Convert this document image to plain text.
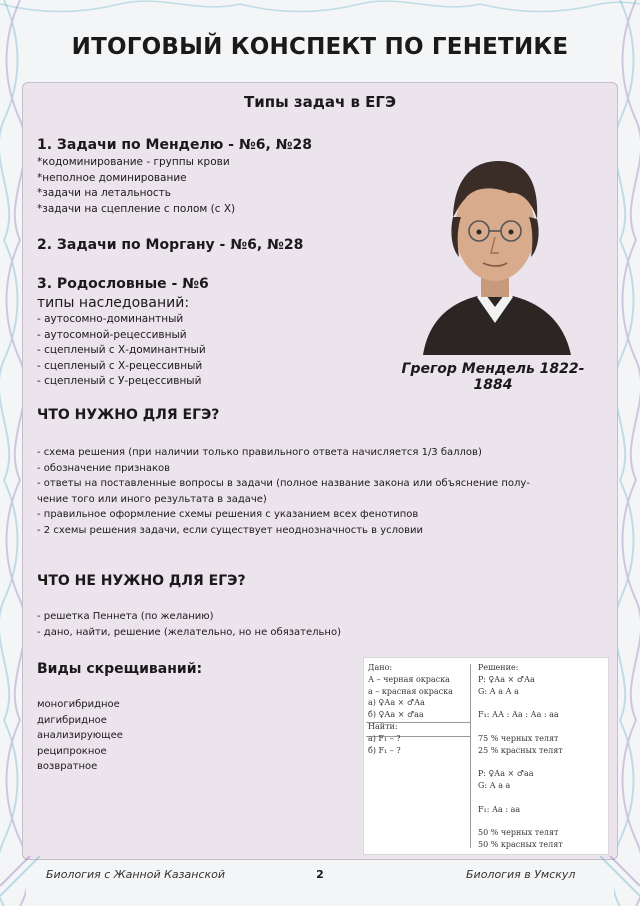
ИТОГОВЫЙ КОНСПЕКТ ПО ГЕНЕТИКЕ
Типы задач в ЕГЭ
1. Задачи по Менделю - №6, №28
*кодоминирование - группы крови
*неполное доминирование
*задачи на летальность
*задачи на сцепление с полом (с X)
2. Задачи по Моргану - №6, №28
3. Родословные - №6
типы наследований:
- аутосомно-доминантный
- аутосомной-рецессивный
- сцепленый с Х-доминантный
- сцепленый с Х-рецессивный
- сцепленый с У-рецессивный
Грегор Мендель 1822-1884
ЧТО НУЖНО ДЛЯ ЕГЭ?
- схема решения (при наличии только правильного ответа начисляется 1/3 баллов)
- обозначение признаков
- ответы на поставленные вопросы в задачи (полное название закона или объяснение полу-
чение того или иного результата в задаче)
- правильное оформление схемы решения с указанием всех фенотипов
- 2 схемы решения задачи, если существует неоднозначность в условии
ЧТО НЕ НУЖНО ДЛЯ ЕГЭ?
- решетка Пеннета (по желанию)
- дано, найти, решение (желательно, но не обязательно)
Виды скрещиваний:
моногибридное
дигибридное
анализирующее
реципрокное
возвратное
Дано:
А – черная окраска
а – красная окраска
а) ♀Аа × ♂Аа
б) ♀Аа × ♂аа
Найти:
а) F₁ – ?
б) F₁ – ?
Решение:
P: ♀Аа × ♂Аа
G: А а А а

F₁: АА : Аа : Аа : аа

75 % черных телят
25 % красных телят

P: ♀Аа × ♂аа
G: А а а

F₁: Аа : аа

50 % черных телят
50 % красных телят
Биология с Жанной Казанской	2	Биология в Умскул
